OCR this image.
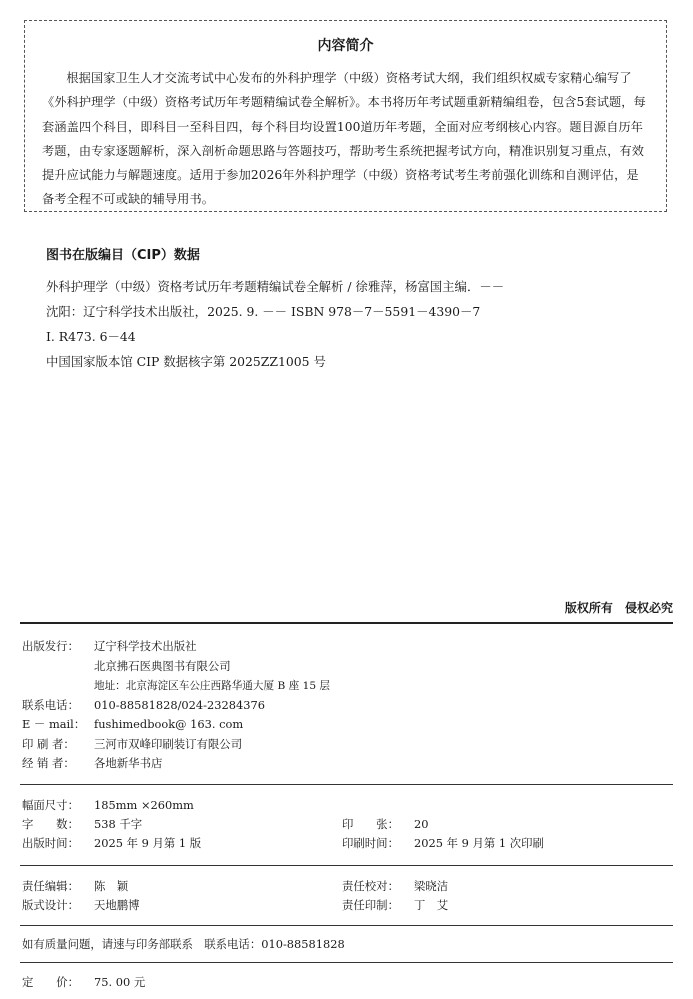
内容简介

根据国家卫生人才交流考试中心发布的外科护理学（中级）资格考试大纲，我们组织权威专家精心编写了《外科护理学（中级）资格考试历年考题精编试卷全解析》。本书将历年考试题重新精编组卷，包含5套试题，每套涵盖四个科目，即科目一至科目四，每个科目均设置100道历年考题，全面对应考纲核心内容。题目源自历年考题，由专家逐题解析，深入剖析命题思路与答题技巧，帮助考生系统把握考试方向，精准识别复习重点，有效提升应试能力与解题速度。适用于参加2026年外科护理学（中级）资格考试考生考前强化训练和自测评估，是备考全程不可或缺的辅导用书。

图书在版编目（CIP）数据
外科护理学（中级）资格考试历年考题精编试卷全解析 / 徐雅萍，杨富国主编．－－
沈阳：辽宁科学技术出版社，2025. 9. －－ ISBN 978－7－5591－4390－7
Ⅰ. R473. 6－44
中国国家版本馆 CIP 数据核字第 2025ZZ1005 号
版权所有 侵权必究
出版发行： 辽宁科学技术出版社
北京拂石医典图书有限公司
地址：北京海淀区车公庄西路华通大厦 B 座 15 层
联系电话： 010-88581828/024-23284376
E － mail： fushimedbook@ 163. com
印 刷 者： 三河市双峰印刷装订有限公司
经 销 者： 各地新华书店
幅面尺寸： 185mm ×260mm
字　　数： 538 千字	印　　张： 20
出版时间： 2025 年 9 月第 1 版	印刷时间： 2025 年 9 月第 1 次印刷
责任编辑： 陈　颖	责任校对： 梁晓洁
版式设计： 天地鹏博	责任印制： 丁　艾
如有质量问题，请速与印务部联系　联系电话：010-88581828
定　　价： 75. 00 元
